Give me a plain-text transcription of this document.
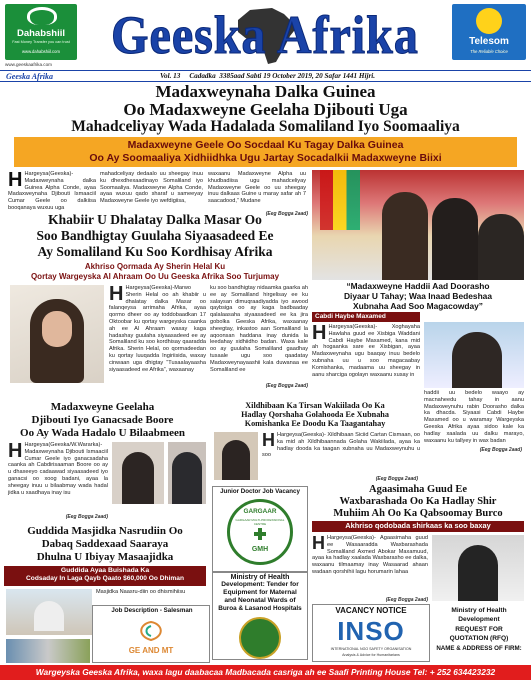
Dahabshiil
Fast Money Transfer you can trust
www.dahabshiil.com	Geeska Afrika	Telesom
The Reliable Choice
www.geeskaafrika.com
Geeska Afrika	Vol. 13     Cadadka  3385aad Sabti 19 October 2019, 20 Safar 1441 Hijri.
Madaxweynaha Dalka Guinea
Oo Madaxweyne Geelaha Djibouti Uga
Mahadceliyay Wada Hadalada Somaliland Iyo Soomaaliya
Madaxweyne Geele Oo Socdaal Ku Tagay Dalka Guinea
Oo Ay Soomaaliya Xidhiidhka Ugu Jartay Socadalkii Madaxweyne Biixi
H Hargeysa(Geeska)- Madaxweynaha dalka Guinea Alpha Conde, ayaa Madaxweynaha Djibouti Ismaaciil Cumar Geele oo dalkiisa booqanaya wuxuu uga
mahadceliyay dedaalo uu sheegay inuu ku dhexdhexaadinayo Somaliland iyo Soomaaliya. Madaxweyne Alpha Conde, ayaa wuxuu qado sharaf u sameeyay Madaxweyne Geele iyo wefdigiisa,
waxaanu Madaxweyne Alpha uu khudbadiisa ugu mahadceliyay Madaxweyne Geele oo uu sheegay inuu dalkaas Guine u maray safar ah 7 saacadood,” Mudane
(Eeg Bogga 2aad)
Khabiir U Dhalatay Dalka Masar Oo
Soo Bandhigtay Guulaha Siyaasadeed Ee
Ay Somaliland Ku Soo Kordhisay Afrika
Akhriso Qormada Ay Sherin Helal Ku
Qortay Wargeyska Al Ahraam Oo Uu Geeska Afrika Soo Turjumay
H Hargeysa(Geeska)-Marwo Sherin Helal oo ah khabiir u dhalatay dalka Masar oo falanqeysa arrimaha Afrika, ayaa qormo dheer oo ay toddobaadkan 17 Oktoobar ku qortay wargeyska caanka ah ee Al Ahraam waxay kaga hadashay guulaha siyaasadeed ee ay Somaliland ku soo kordhisay qaaradda Afrika. Sherin Helal, oo qormadeedan ku qortay luuqadda Ingiriisida, waxay cinwaan uga dhigtay “Tusaalayaasha siyaasadeed ee Afrika”, waxaanay
ku soo bandhigtay nidaamka gaarka ah ee ay Somaliland hirgelisay ee ku salaysan dimuqraadiyadda iyo awood qaybsiga oo ay kaga badbaaday qalalaasaha siyaasadeed ee ka jira gobolka Geeska Afrika, waxaanay sheegtay, inkastoo aan Somaliland la aqoonsan haddana inay dunida la leedahay xidhiidho badan. Waxa kale oo ay guulaha Somaliland gaadhay tusaale ugu soo qaadatay Madaxweynayaashii kala duwanaa ee Somaliland ee
(Eeg Bogga 2aad)
“Madaxweyne Haddii Aad Doorasho
Diyaar U Tahay; Waa Inaad Bedeshaa
Xubnaha Aad Soo Magacowday”
Cabdi Haybe Maxamed
H Hargeysa(Geeska)- Xoghayaha Hawlaha guud ee Xisbiga Waddani Cabdi Haybe Maxamed, kana mid ah hogaanka sare ee Xisbigan, ayaa Madaxweynaha ugu baaqay inuu bedelo xubnaha uu u soo magacaabay Komishanka, madaama uu sheegay in aanu sharciga ogolayn waxaanu xusay in
haddii uu bedelo waayo ay macnaheedu tahay in aanu Madaxweynuhu rabin Doorasho dalka ka dhacda. Siyaasi Cabdi Haybe Maxamed oo u waramay Wargeyska Geeska Afrika ayaa sidoo kale ka hadlay xaalada uu dalku marayo, waxaanu ku tallyey in wax badan
(Eeg Bogga 2aad)
Madaxweyne Geelaha
Djibouti Iyo Ganacsade Boore
Oo Ay Wada Hadalo U Bilaabmeen
H Hargeysa(Geeska/W.Wararka)- Madaxweynaha Djibouti Ismaaciil Cumar Geele iyo ganacsadaha caanka ah Cabdirisaaman Boore oo ay u dhaxeeyo cadaawad siyaasadeed iyo ganacsi oo xoog badani, ayaa la sheegay inuu u bilaabmay wada hadal jidka u xaadhaya inay isu
(Eeg Bogga 2aad)
Xildhibaan Ka Tirsan Wakiilada Oo Ka
Hadlay Qorshaha Golahooda Ee Xubnaha
Komishanka Ee Doodu Ka Taagantahay
H Hargeysa(Geeska)- Xildhibaan Siciid Cartan Cismaan, oo ka mid ah Xildhibaannada Golaha Wakiilada, ayaa ka hadlay dooda ka taagan xubnaha uu Madaxweynuhu u soo
(Eeg Bogga 2aad)
Guddida Masjidka Nasrudiin Oo
Dabaq Saddexaad Saaraya
Dhulna U Ibiyay Masaajidka
Guddida Ayaa Buishada Ka
Codsaday In Laga Qayb Qaato $60,000 Oo Dhiman
Masjidka Naasru-diin oo dhismihiisu
Agaasimaha Guud Ee
Waxbarashada Oo Ka Hadlay Shir
Muhiim Ah Oo Ka Qabsoomay Burco
Akhriso qodobada shirkaas ka soo baxay
H Hargeysa(Geeska)- Agaasimaha guud ee Wasaaradda Waxbarashada Somaliland Axmed Abokar Maxamuud, ayaa ka hadlay xaalada Waxbarasho ee dalka, waxaanu tilmaamay inay Wasaarad ahaan wadaan qorshihii lagu horumarin lahaa
(Eeg Bogga 2aad)
Junior Doctor Job Vacancy
GARGAAR
GARGAAR MULTI-PROFESSIONAL CENTRE
GMH
Ministry of Health
Development: Tender for
Equipment for Maternal
and Neonatal Wards of
Buroa & Lasanod Hospitals
Job Description - Salesman
GE AND MT
VACANCY NOTICE
INSO
INTERNATIONAL NGO SAFETY ORGANISATION
Analysis & Advice for Humanitarians
Ministry of Health
Development
REQUEST FOR
QUOTATION (RFQ)
NAME & ADDRESS OF FIRM:
Wargeyska Geeska Afrika, waxa lagu daabacaa Madbacada casriga ah ee Saafi Printing House Tel: + 252 634423232
